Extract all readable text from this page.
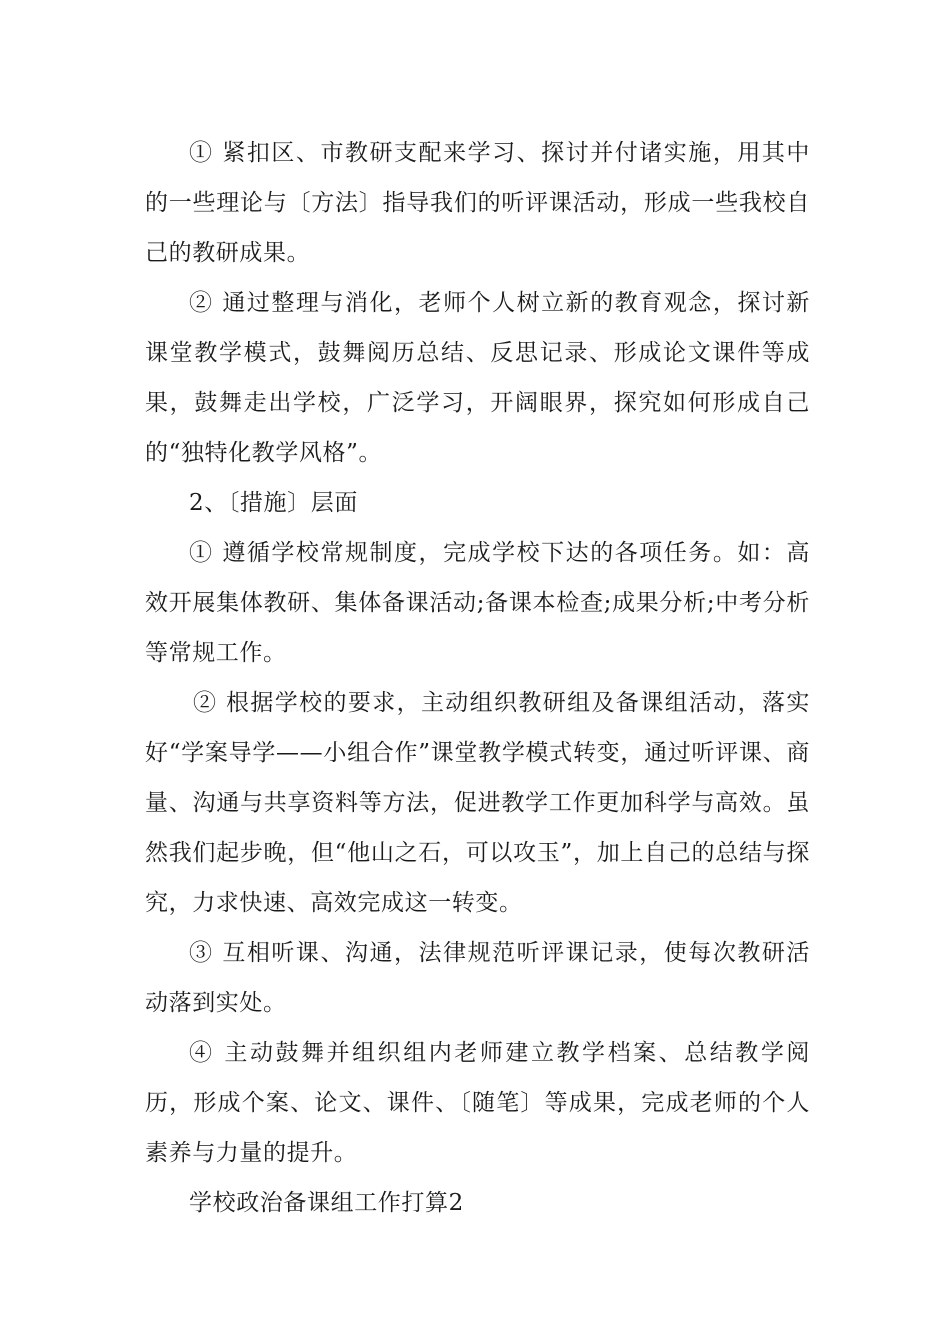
① 紧扣区、市教研支配来学习、探讨并付诸实施，用其中的一些理论与〔方法〕指导我们的听评课活动，形成一些我校自己的教研成果。

② 通过整理与消化，老师个人树立新的教育观念，探讨新课堂教学模式，鼓舞阅历总结、反思记录、形成论文课件等成果，鼓舞走出学校，广泛学习，开阔眼界，探究如何形成自己的“独特化教学风格”。

2、〔措施〕层面

① 遵循学校常规制度，完成学校下达的各项任务。如：高效开展集体教研、集体备课活动;备课本检查;成果分析;中考分析等常规工作。

② 根据学校的要求，主动组织教研组及备课组活动，落实好“学案导学——小组合作”课堂教学模式转变，通过听评课、商量、沟通与共享资料等方法，促进教学工作更加科学与高效。虽然我们起步晚，但“他山之石，可以攻玉”，加上自己的总结与探究，力求快速、高效完成这一转变。

③ 互相听课、沟通，法律规范听评课记录，使每次教研活动落到实处。

④ 主动鼓舞并组织组内老师建立教学档案、总结教学阅历，形成个案、论文、课件、〔随笔〕等成果，完成老师的个人素养与力量的提升。

学校政治备课组工作打算2
